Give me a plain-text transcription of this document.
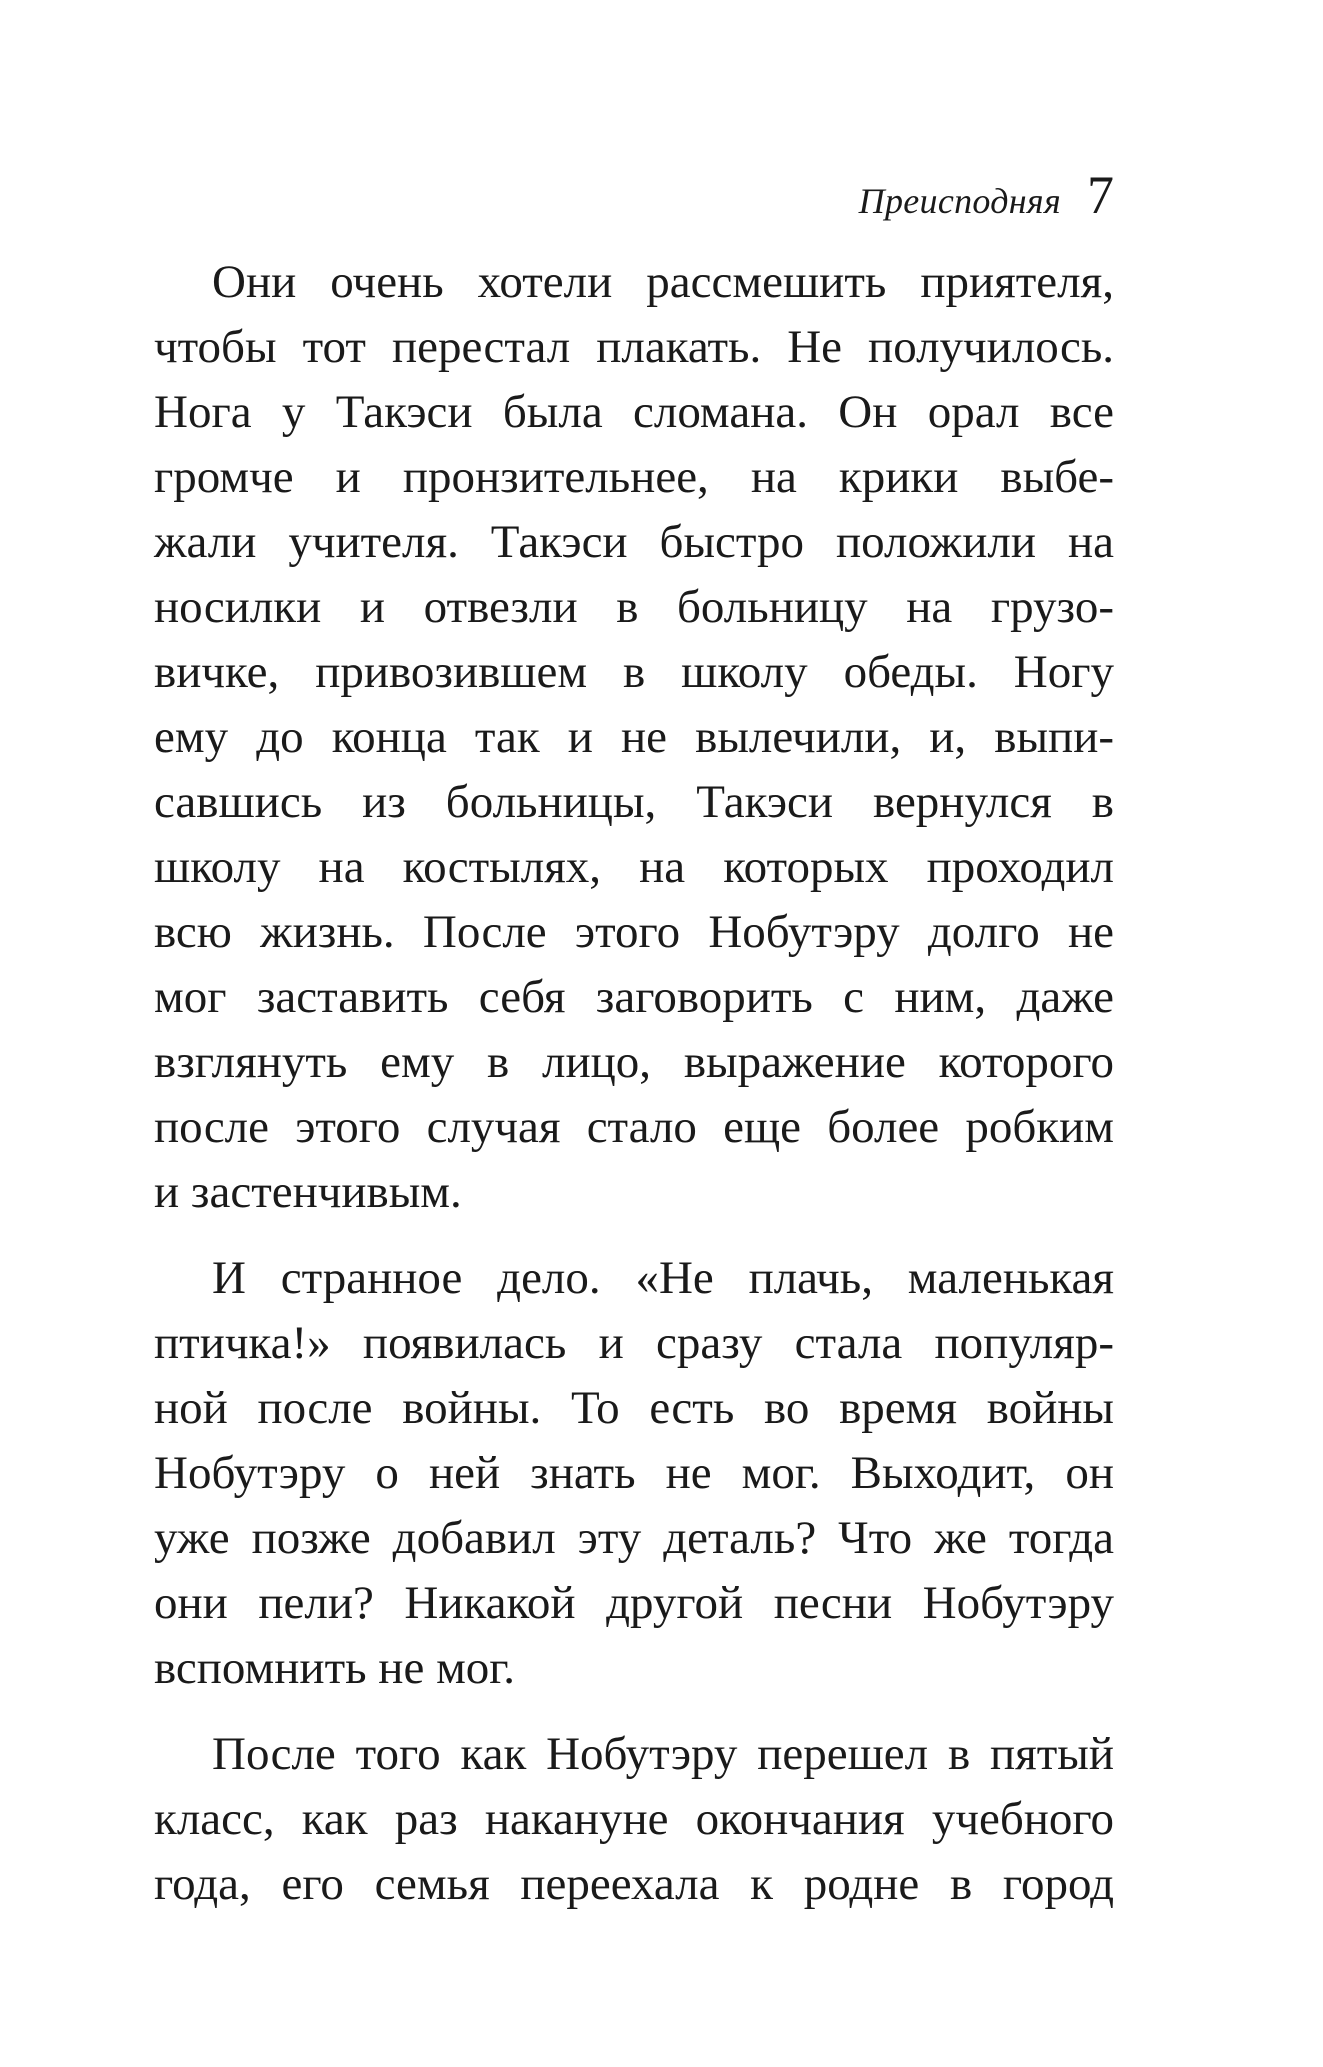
Преисподняя 7
Они очень хотели рассмешить приятеля,
чтобы тот перестал плакать. Не получилось.
Нога у Такэси была сломана. Он орал все
громче и пронзительнее, на крики выбе-
жали учителя. Такэси быстро положили на
носилки и отвезли в больницу на грузо-
вичке, привозившем в школу обеды. Ногу
ему до конца так и не вылечили, и, выпи-
савшись из больницы, Такэси вернулся в
школу на костылях, на которых проходил
всю жизнь. После этого Нобутэру долго не
мог заставить себя заговорить с ним, даже
взглянуть ему в лицо, выражение которого
после этого случая стало еще более робким
и застенчивым.
И странное дело. «Не плачь, маленькая
птичка!» появилась и сразу стала популяр-
ной после войны. То есть во время войны
Нобутэру о ней знать не мог. Выходит, он
уже позже добавил эту деталь? Что же тогда
они пели? Никакой другой песни Нобутэру
вспомнить не мог.
После того как Нобутэру перешел в пятый
класс, как раз накануне окончания учебного
года, его семья переехала к родне в город
